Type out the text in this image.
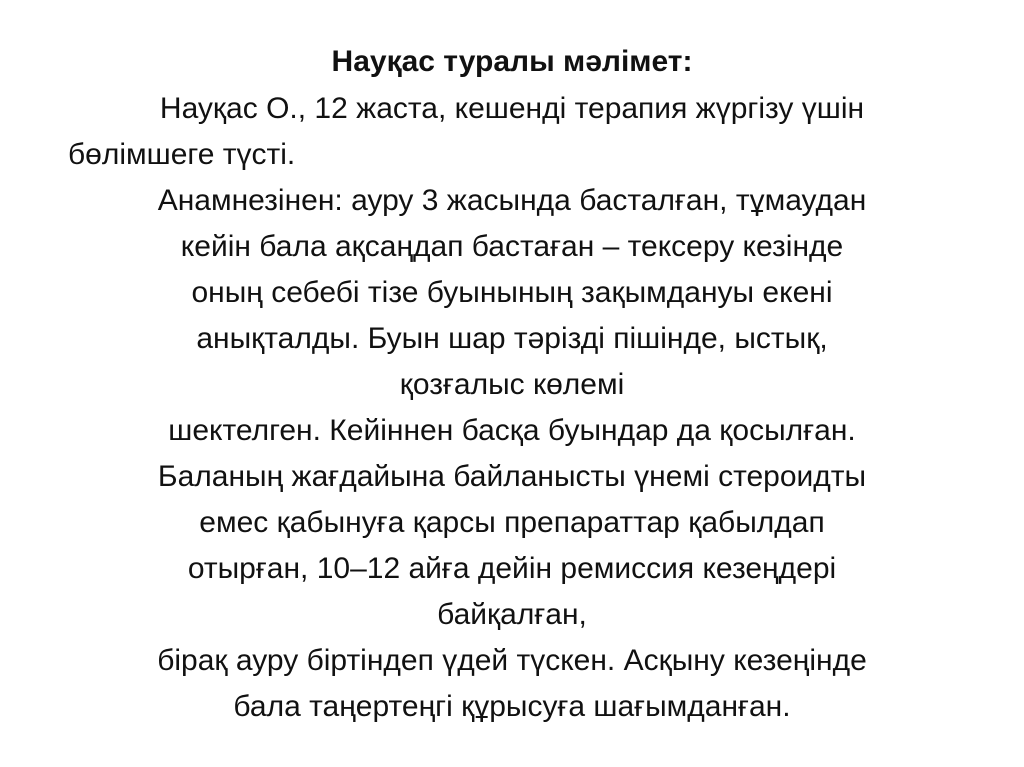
Науқас туралы мәлімет:

Науқас О., 12 жаста, кешенді терапия жүргізу үшін

бөлімшеге түсті.

Анамнезінен: ауру 3 жасында басталған, тұмаудан

кейін бала ақсаңдап бастаған – тексеру кезінде

оның себебі тізе буынының зақымдануы екені

анықталды. Буын шар тәрізді пішінде, ыстық,

қозғалыс көлемі

шектелген. Кейіннен басқа буындар да қосылған.

Баланың жағдайына байланысты үнемі стероидты

емес қабынуға қарсы препараттар қабылдап

отырған, 10–12 айға дейін ремиссия кезеңдері

байқалған,

бірақ ауру біртіндеп үдей түскен. Асқыну кезеңінде

бала таңертеңгі құрысуға шағымданған.
